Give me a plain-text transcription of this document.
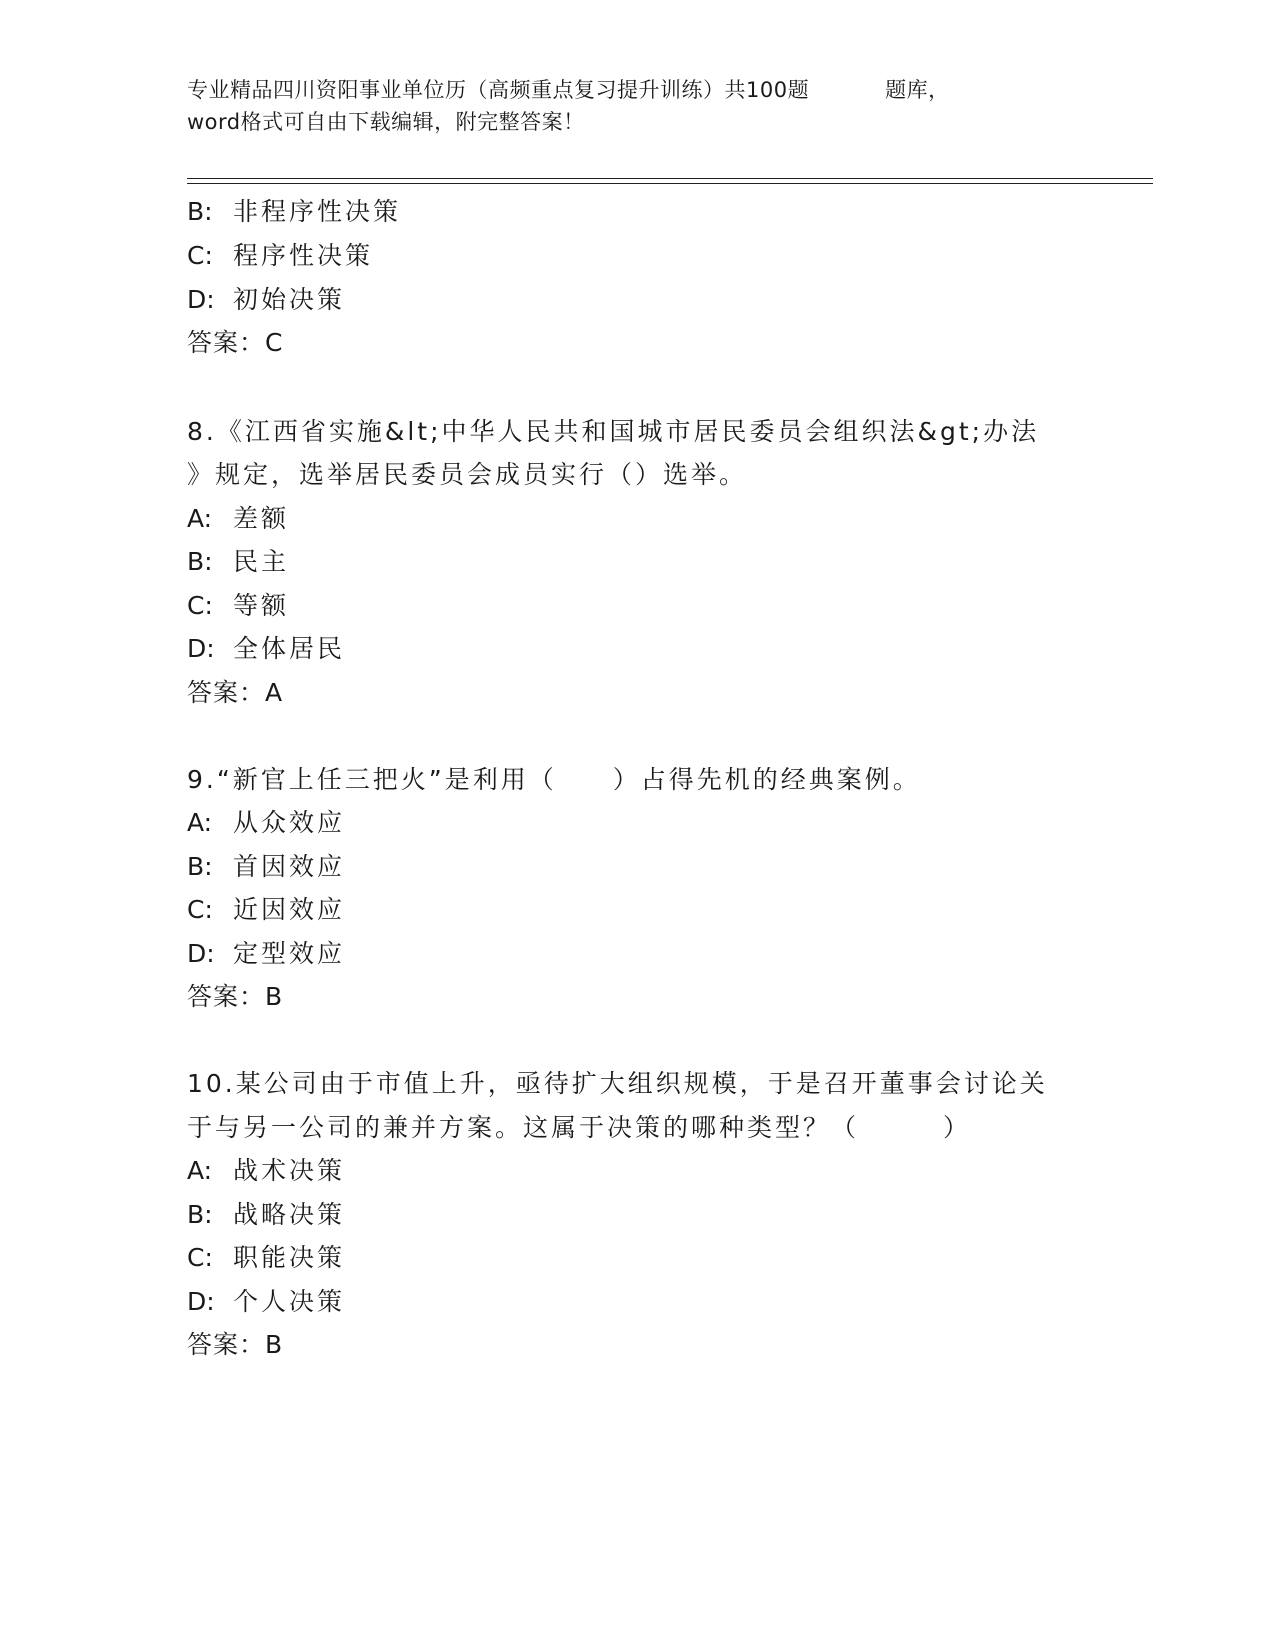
专业精品四川资阳事业单位历（高频重点复习提升训练）共100题	题库，
word格式可自由下载编辑，附完整答案！
B: 非程序性决策
C: 程序性决策
D: 初始决策
答案：C
8.《江西省实施&lt;中华人民共和国城市居民委员会组织法&gt;办法
》规定，选举居民委员会成员实行（）选举。
A: 差额
B: 民主
C: 等额
D: 全体居民
答案：A
9.“新官上任三把火”是利用（　　）占得先机的经典案例。
A: 从众效应
B: 首因效应
C: 近因效应
D: 定型效应
答案：B
10.某公司由于市值上升，亟待扩大组织规模，于是召开董事会讨论关
于与另一公司的兼并方案。这属于决策的哪种类型？（　　　）
A: 战术决策
B: 战略决策
C: 职能决策
D: 个人决策
答案：B
